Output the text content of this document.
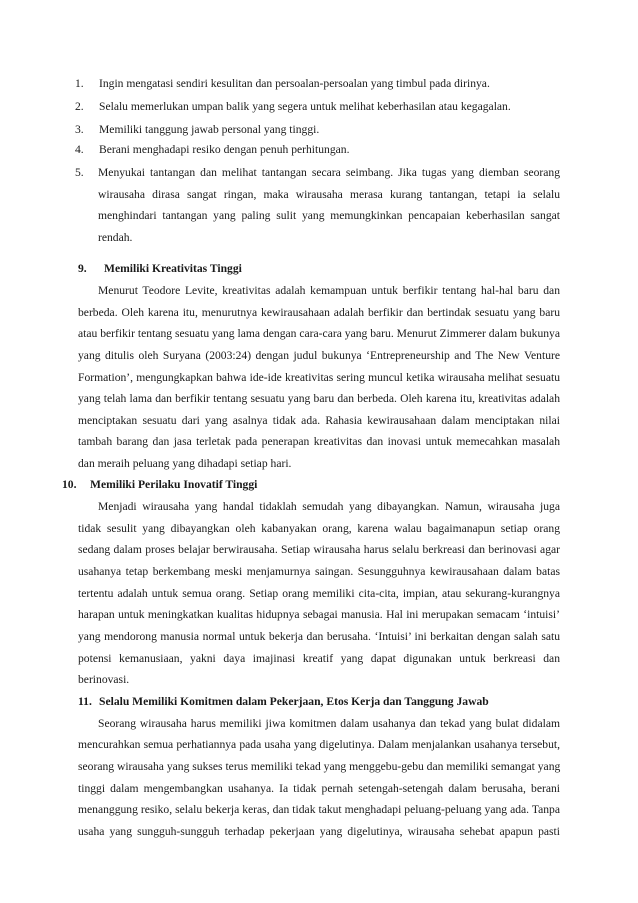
1. Ingin mengatasi sendiri kesulitan dan persoalan-persoalan yang timbul pada dirinya.
2. Selalu memerlukan umpan balik yang segera untuk melihat keberhasilan atau kegagalan.
3. Memiliki tanggung jawab personal yang tinggi.
4. Berani menghadapi resiko dengan penuh perhitungan.
5. Menyukai tantangan dan melihat tantangan secara seimbang. Jika tugas yang diemban seorang
wirausaha dirasa sangat ringan, maka wirausaha merasa kurang tantangan, tetapi ia selalu
menghindari tantangan yang paling sulit yang memungkinkan pencapaian keberhasilan sangat
rendah.
9. Memiliki Kreativitas Tinggi
Menurut Teodore Levite, kreativitas adalah kemampuan untuk berfikir tentang hal-hal baru dan
berbeda. Oleh karena itu, menurutnya kewirausahaan adalah berfikir dan bertindak sesuatu yang baru
atau berfikir tentang sesuatu yang lama dengan cara-cara yang baru. Menurut Zimmerer dalam bukunya
yang ditulis oleh Suryana (2003:24) dengan judul bukunya ‘Entrepreneurship and The New Venture
Formation’, mengungkapkan bahwa ide-ide kreativitas sering muncul ketika wirausaha melihat sesuatu
yang telah lama dan berfikir tentang sesuatu yang baru dan berbeda. Oleh karena itu, kreativitas adalah
menciptakan sesuatu dari yang asalnya tidak ada. Rahasia kewirausahaan dalam menciptakan nilai
tambah barang dan jasa terletak pada penerapan kreativitas dan inovasi untuk memecahkan masalah
dan meraih peluang yang dihadapi setiap hari.
10. Memiliki Perilaku Inovatif Tinggi
Menjadi wirausaha yang handal tidaklah semudah yang dibayangkan. Namun, wirausaha juga
tidak sesulit yang dibayangkan oleh kabanyakan orang, karena walau bagaimanapun setiap orang
sedang dalam proses belajar berwirausaha. Setiap wirausaha harus selalu berkreasi dan berinovasi agar
usahanya tetap berkembang meski menjamurnya saingan. Sesungguhnya kewirausahaan dalam batas
tertentu adalah untuk semua orang. Setiap orang memiliki cita-cita, impian, atau sekurang-kurangnya
harapan untuk meningkatkan kualitas hidupnya sebagai manusia. Hal ini merupakan semacam ‘intuisi’
yang mendorong manusia normal untuk bekerja dan berusaha. ‘Intuisi’ ini berkaitan dengan salah satu
potensi kemanusiaan, yakni daya imajinasi kreatif yang dapat digunakan untuk berkreasi dan
berinovasi.
11. Selalu Memiliki Komitmen dalam Pekerjaan, Etos Kerja dan Tanggung Jawab
Seorang wirausaha harus memiliki jiwa komitmen dalam usahanya dan tekad yang bulat didalam
mencurahkan semua perhatiannya pada usaha yang digelutinya. Dalam menjalankan usahanya tersebut,
seorang wirausaha yang sukses terus memiliki tekad yang menggebu-gebu dan memiliki semangat yang
tinggi dalam mengembangkan usahanya. Ia tidak pernah setengah-setengah dalam berusaha, berani
menanggung resiko, selalu bekerja keras, dan tidak takut menghadapi peluang-peluang yang ada. Tanpa
usaha yang sungguh-sungguh terhadap pekerjaan yang digelutinya, wirausaha sehebat apapun pasti
